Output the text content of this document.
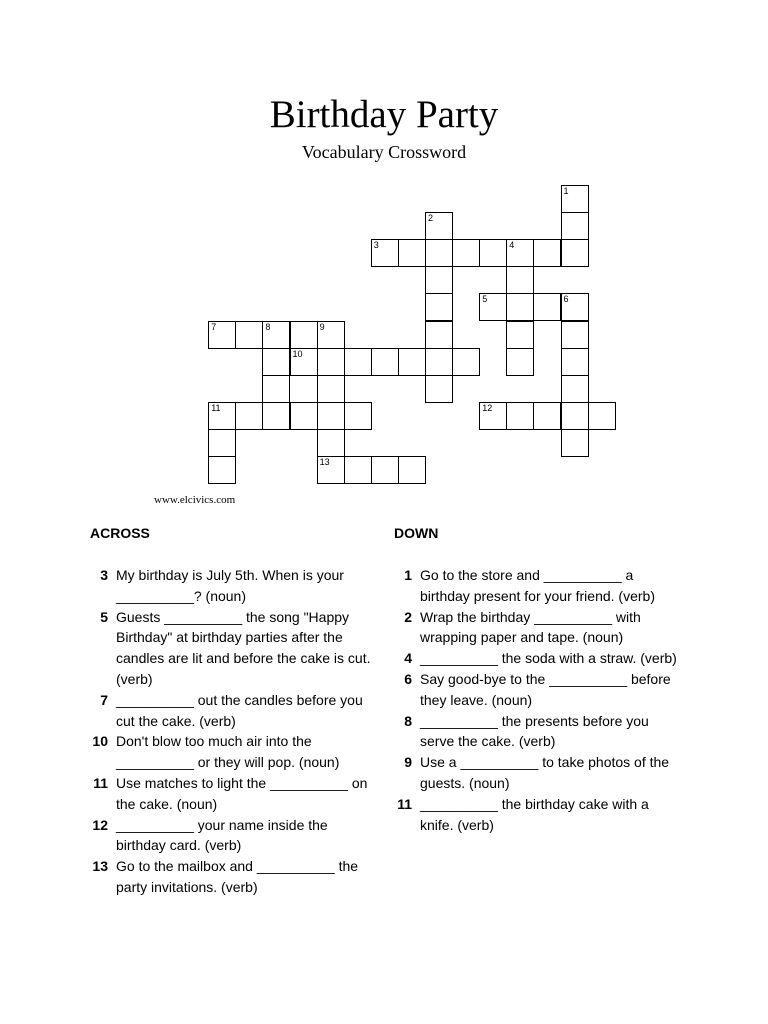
Birthday Party
Vocabulary Crossword
1
2
3	4
5	6
7	8	9
10
11	12
13
www.elcivics.com
ACROSS	DOWN
3 My birthday is July 5th. When is your __________? (noun)
5 Guests __________ the song "Happy Birthday" at birthday parties after the candles are lit and before the cake is cut. (verb)
7 __________ out the candles before you cut the cake. (verb)
10 Don't blow too much air into the __________ or they will pop. (noun)
11 Use matches to light the __________ on the cake. (noun)
12 __________ your name inside the birthday card. (verb)
13 Go to the mailbox and __________ the party invitations. (verb)
1 Go to the store and __________ a birthday present for your friend. (verb)
2 Wrap the birthday __________ with wrapping paper and tape. (noun)
4 __________ the soda with a straw. (verb)
6 Say good-bye to the __________ before they leave. (noun)
8 __________ the presents before you serve the cake. (verb)
9 Use a __________ to take photos of the guests. (noun)
11 __________ the birthday cake with a knife. (verb)
